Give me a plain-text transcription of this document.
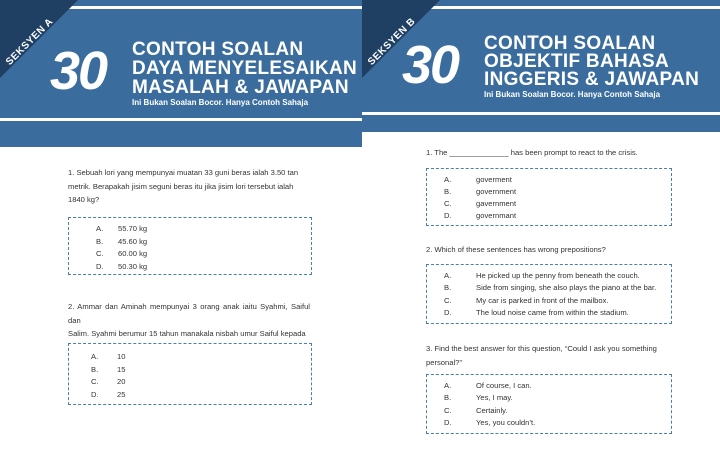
SEKSYEN A
30 CONTOH SOALAN
DAYA MENYELESAIKAN
MASALAH & JAWAPAN
Ini Bukan Soalan Bocor. Hanya Contoh Sahaja
1. Sebuah lori yang mempunyai muatan 33 guni beras ialah 3.50 tan
metrik. Berapakah jisim seguni beras itu jika jisim lori tersebut ialah
1840 kg?
A. 55.70 kg
B. 45.60 kg
C. 60.00 kg
D. 50.30 kg
2. Ammar dan Aminah mempunyai 3 orang anak iaitu Syahmi, Saiful dan
Salim. Syahmi berumur 15 tahun manakala nisbah umur Saiful kepada
A. 10
B. 15
C. 20
D. 25
SEKSYEN B
30 CONTOH SOALAN
OBJEKTIF BAHASA
INGGERIS & JAWAPAN
Ini Bukan Soalan Bocor. Hanya Contoh Sahaja
1. The ______________ has been prompt to react to the crisis.
A.	goverment
B.	government
C.	gavernment
D.	governmant
2. Which of these sentences has wrong prepositions?
A.	He picked up the penny from beneath the couch.
B.	Side from singing, she also plays the piano at the bar.
C.	My car is parked in front of the mailbox.
D.	The loud noise came from within the stadium.
3. Find the best answer for this question, “Could I ask you something
personal?”
A.	Of course, I can.
B.	Yes, I may.
C.	Certainly.
D.	Yes, you couldn’t.
